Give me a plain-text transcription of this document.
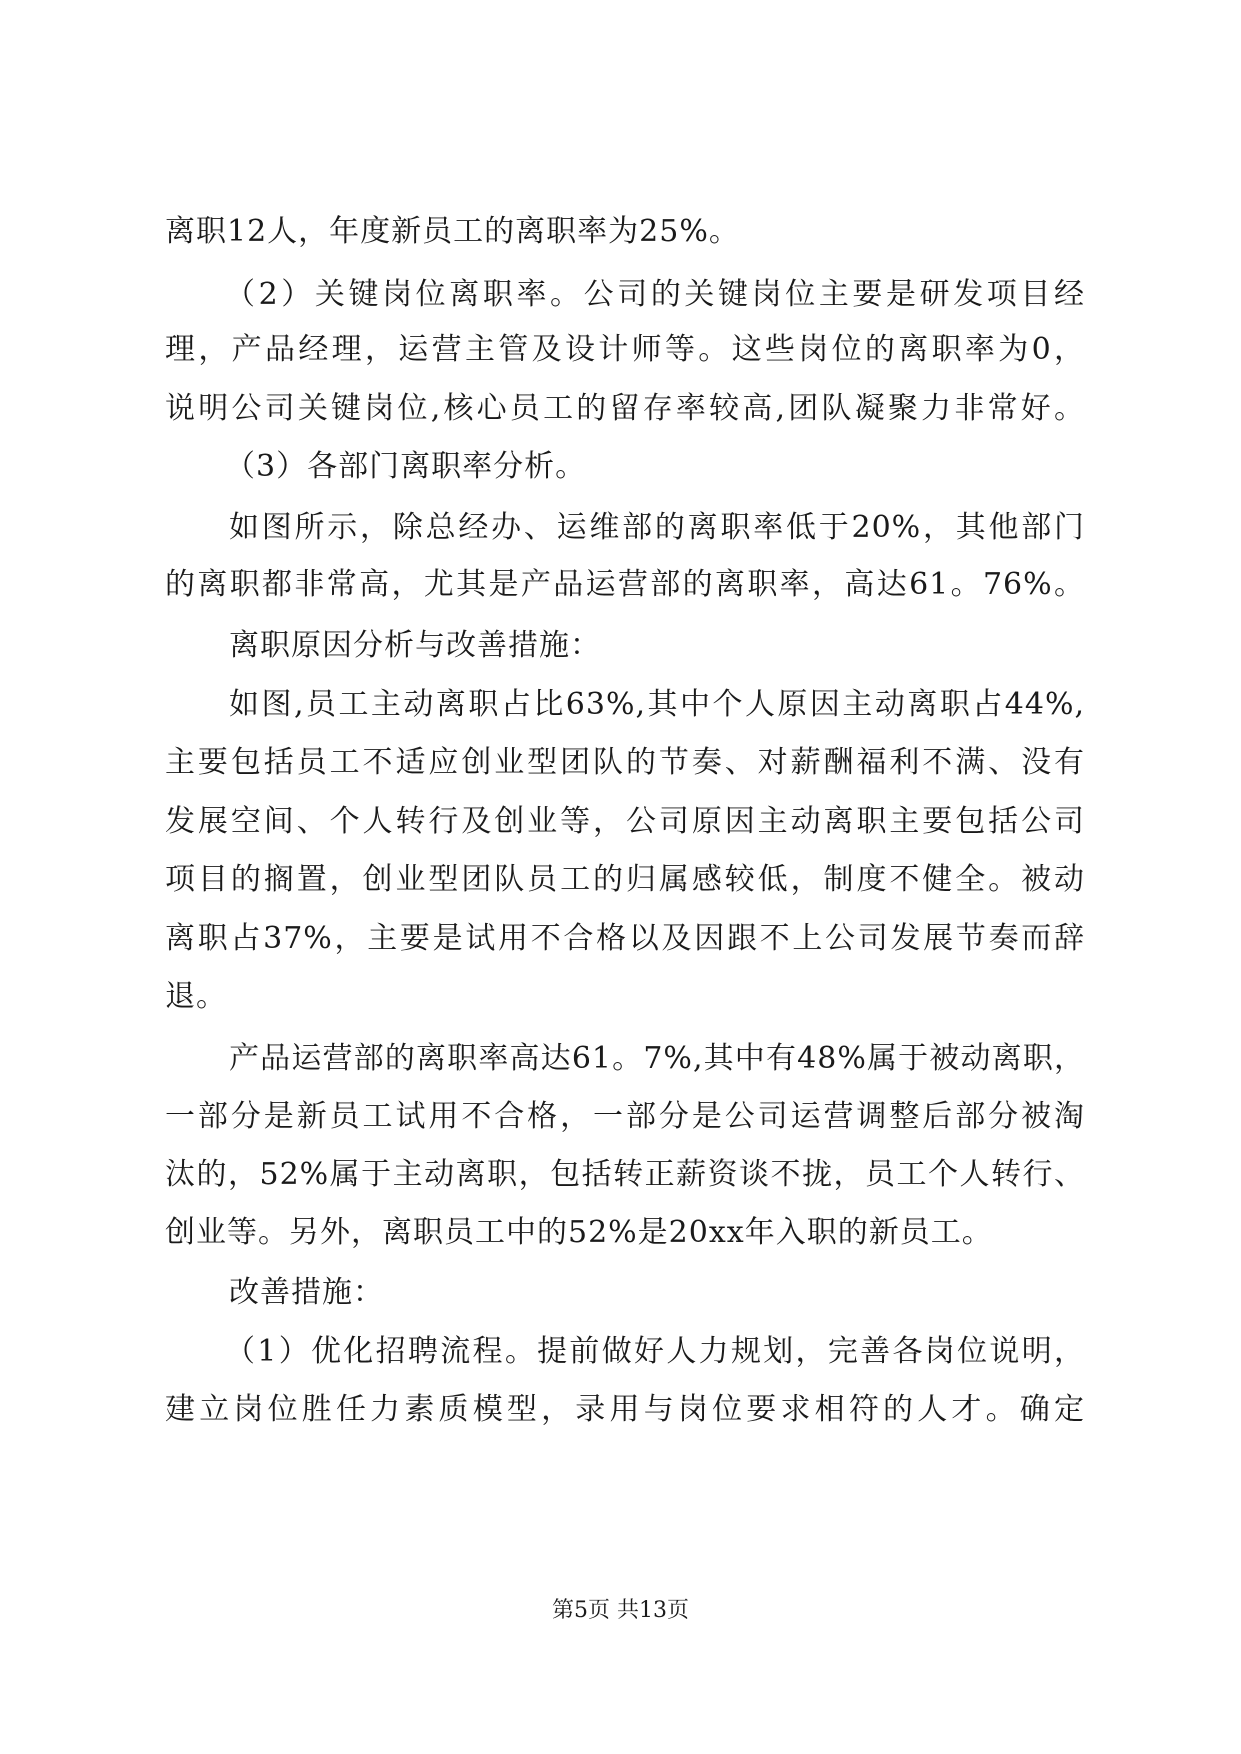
离职12人，年度新员工的离职率为25%。
（2）关键岗位离职率。公司的关键岗位主要是研发项目经
理，产品经理，运营主管及设计师等。这些岗位的离职率为0，
说明公司关键岗位,核心员工的留存率较高,团队凝聚力非常好。
（3）各部门离职率分析。
如图所示，除总经办、运维部的离职率低于20%，其他部门
的离职都非常高，尤其是产品运营部的离职率，高达61。76%。
离职原因分析与改善措施：
如图,员工主动离职占比63%,其中个人原因主动离职占44%,
主要包括员工不适应创业型团队的节奏、对薪酬福利不满、没有
发展空间、个人转行及创业等，公司原因主动离职主要包括公司
项目的搁置，创业型团队员工的归属感较低，制度不健全。被动
离职占37%，主要是试用不合格以及因跟不上公司发展节奏而辞
退。
产品运营部的离职率高达61。7%,其中有48%属于被动离职，
一部分是新员工试用不合格，一部分是公司运营调整后部分被淘
汰的，52%属于主动离职，包括转正薪资谈不拢，员工个人转行、
创业等。另外，离职员工中的52%是20xx年入职的新员工。
改善措施：
（1）优化招聘流程。提前做好人力规划，完善各岗位说明，
建立岗位胜任力素质模型，录用与岗位要求相符的人才。确定
第5页 共13页
